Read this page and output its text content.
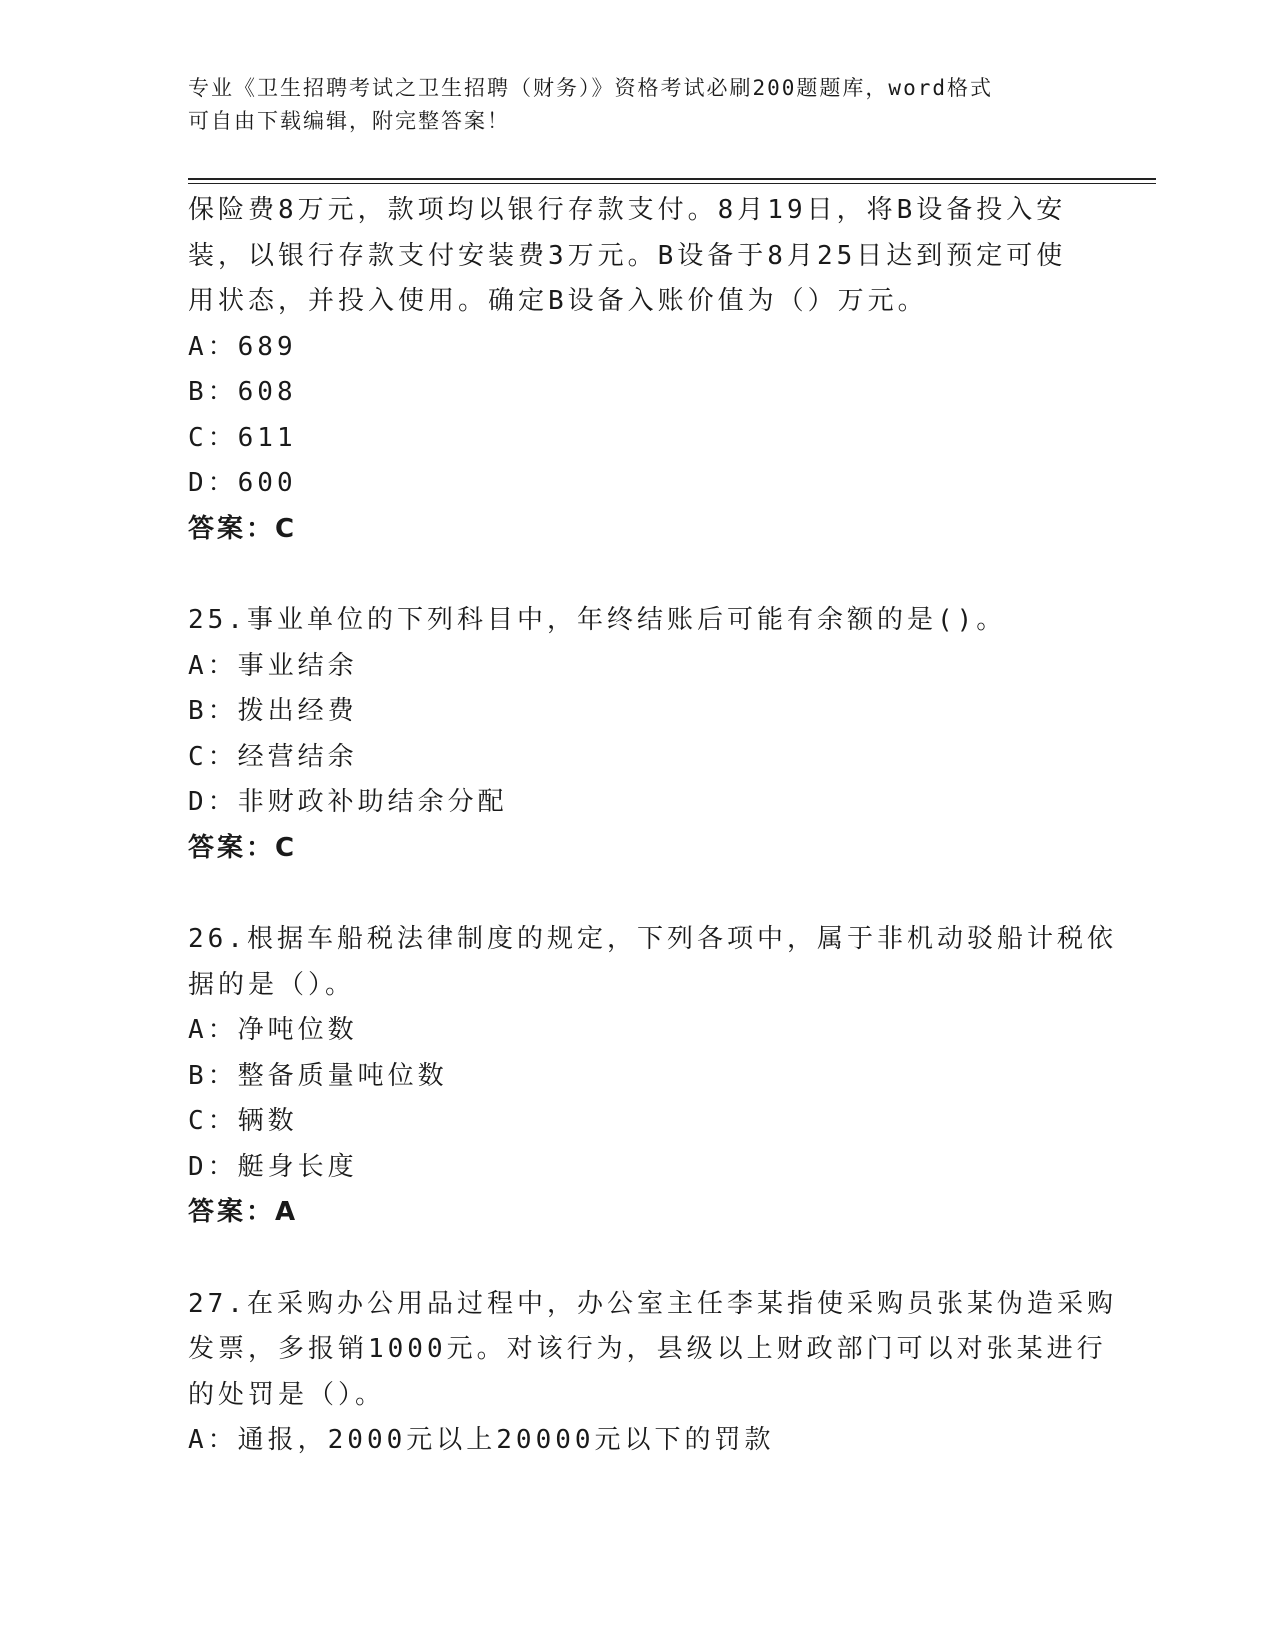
专业《卫生招聘考试之卫生招聘（财务）》资格考试必刷200题题库，word格式
可自由下载编辑，附完整答案！
保险费8万元，款项均以银行存款支付。8月19日，将B设备投入安
装，以银行存款支付安装费3万元。B设备于8月25日达到预定可使
用状态，并投入使用。确定B设备入账价值为（）万元。
A：689
B：608
C：611
D：600
答案：C
25.事业单位的下列科目中，年终结账后可能有余额的是()。
A：事业结余
B：拨出经费
C：经营结余
D：非财政补助结余分配
答案：C
26.根据车船税法律制度的规定，下列各项中，属于非机动驳船计税依
据的是（）。
A：净吨位数
B：整备质量吨位数
C：辆数
D：艇身长度
答案：A
27.在采购办公用品过程中，办公室主任李某指使采购员张某伪造采购
发票，多报销1000元。对该行为，县级以上财政部门可以对张某进行
的处罚是（）。
A：通报，2000元以上20000元以下的罚款
